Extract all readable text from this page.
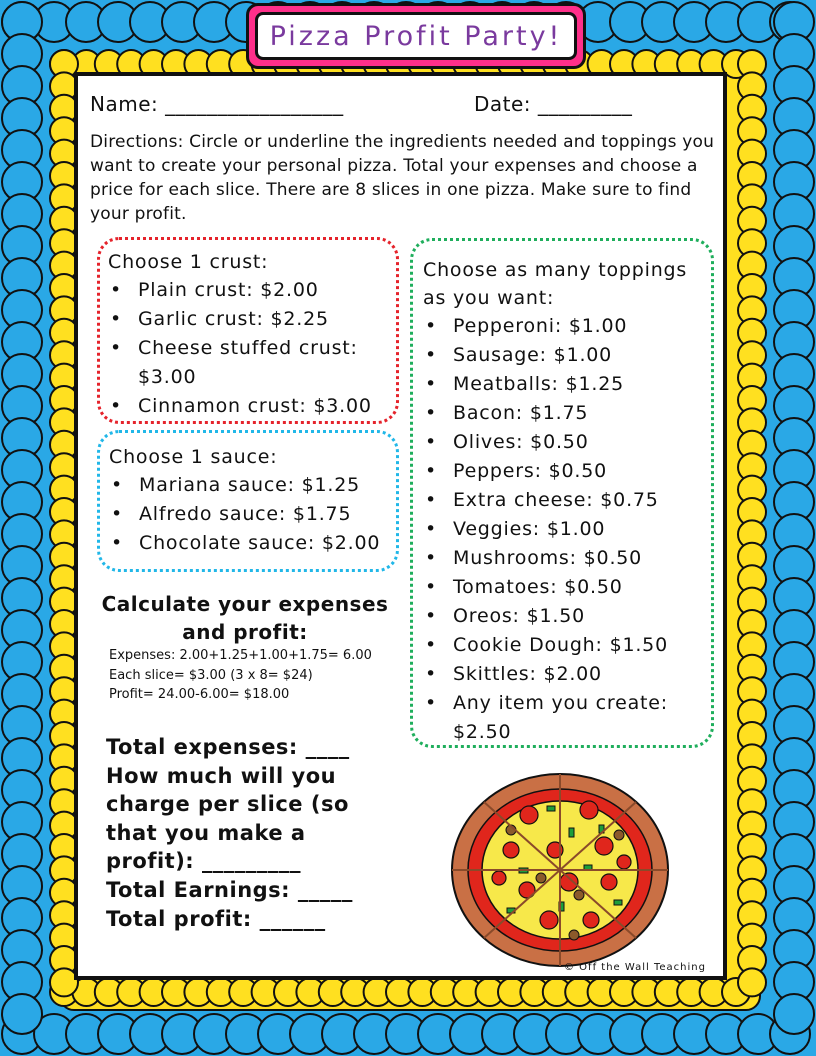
Pizza Profit Party!
Name: _________________	Date: _________
Directions: Circle or underline the ingredients needed and toppings you want to create your personal pizza. Total your expenses and choose a price for each slice. There are 8 slices in one pizza. Make sure to find your profit.
Choose 1 crust:
• Plain crust: $2.00
• Garlic crust: $2.25
• Cheese stuffed crust: $3.00
• Cinnamon crust: $3.00
Choose 1 sauce:
• Mariana sauce: $1.25
• Alfredo sauce: $1.75
• Chocolate sauce: $2.00
Choose as many toppings as you want:
• Pepperoni: $1.00
• Sausage: $1.00
• Meatballs: $1.25
• Bacon: $1.75
• Olives: $0.50
• Peppers: $0.50
• Extra cheese: $0.75
• Veggies: $1.00
• Mushrooms: $0.50
• Tomatoes: $0.50
• Oreos: $1.50
• Cookie Dough: $1.50
• Skittles: $2.00
• Any item you create: $2.50
Calculate your expenses and profit:
Expenses: 2.00+1.25+1.00+1.75= 6.00
Each slice= $3.00 (3 x 8= $24)
Profit= 24.00-6.00= $18.00
Total expenses: ____
How much will you
charge per slice (so
that you make a
profit): _________
Total Earnings: _____
Total profit: ______
© Off the Wall Teaching
